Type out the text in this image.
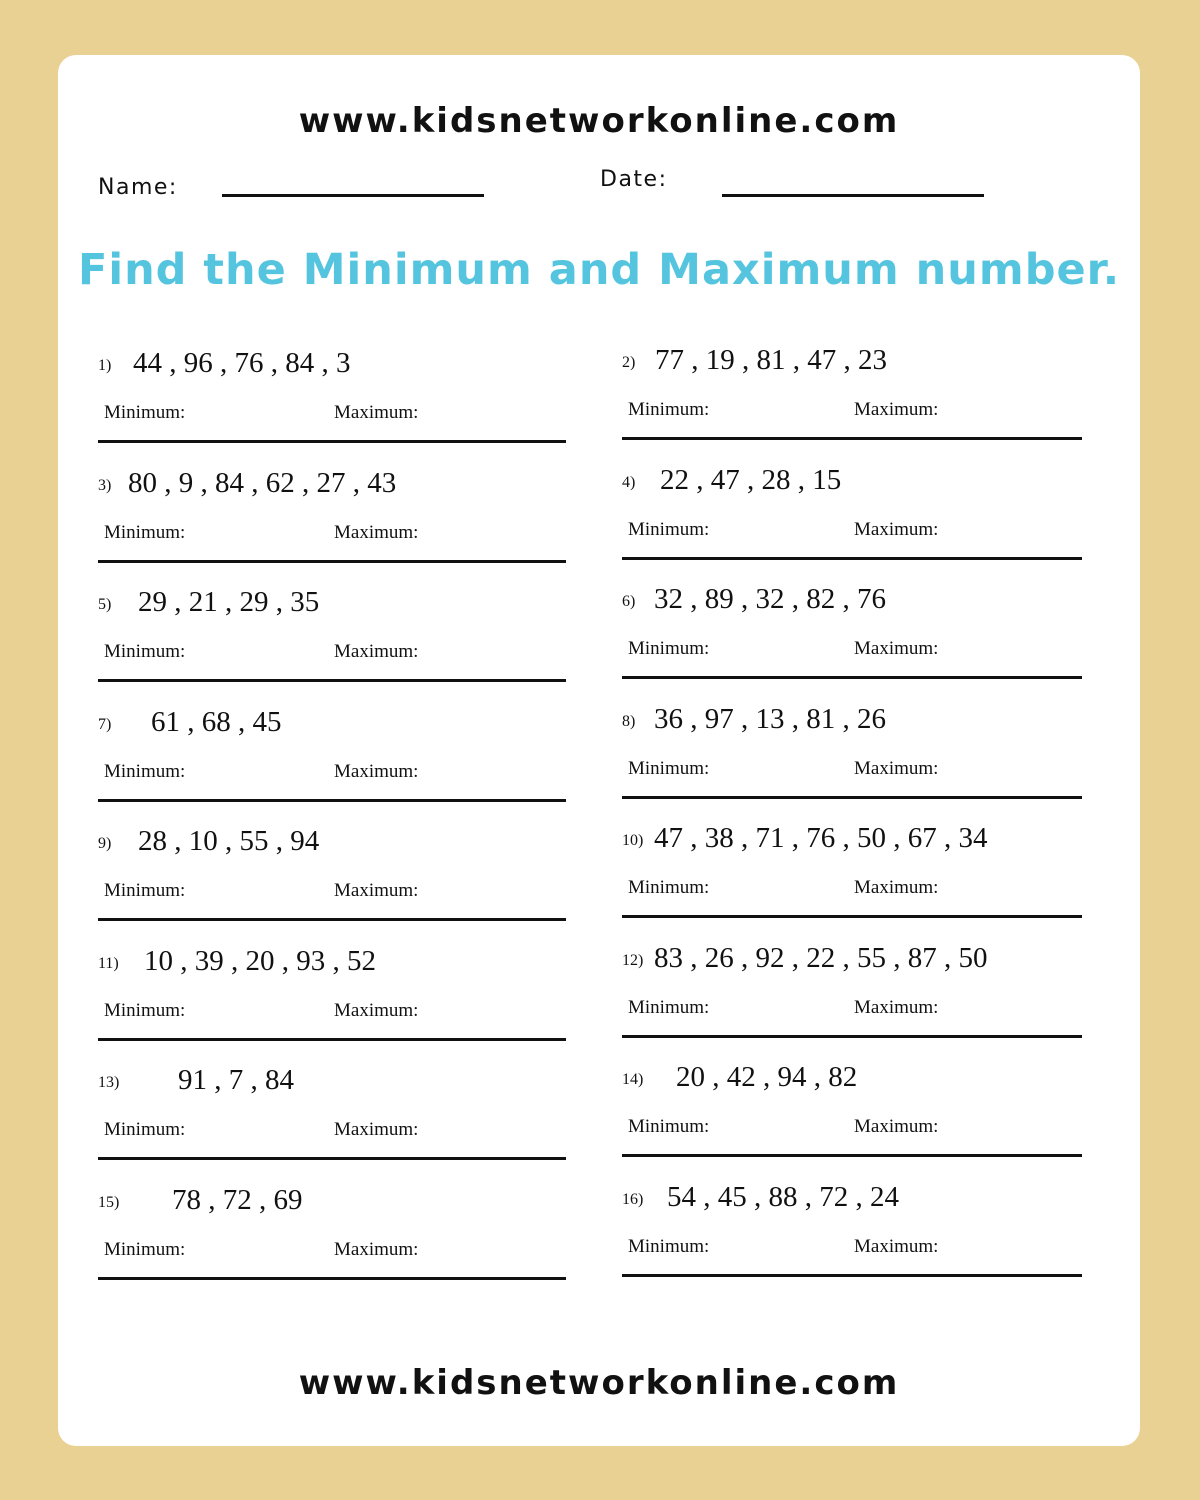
www.kidsnetworkonline.com
Name:	Date:
Find the Minimum and Maximum number.
1) 44 , 96 , 76 , 84 , 3
Minimum:	Maximum:
2) 77 , 19 , 81 , 47 , 23
Minimum:	Maximum:
3) 80 , 9 , 84 , 62 , 27 , 43
Minimum:	Maximum:
4) 22 , 47 , 28 , 15
Minimum:	Maximum:
5) 29 , 21 , 29 , 35
Minimum:	Maximum:
6) 32 , 89 , 32 , 82 , 76
Minimum:	Maximum:
7) 61 , 68 , 45
Minimum:	Maximum:
8) 36 , 97 , 13 , 81 , 26
Minimum:	Maximum:
9) 28 , 10 , 55 , 94
Minimum:	Maximum:
10) 47 , 38 , 71 , 76 , 50 , 67 , 34
Minimum:	Maximum:
11) 10 , 39 , 20 , 93 , 52
Minimum:	Maximum:
12) 83 , 26 , 92 , 22 , 55 , 87 , 50
Minimum:	Maximum:
13) 91 , 7 , 84
Minimum:	Maximum:
14) 20 , 42 , 94 , 82
Minimum:	Maximum:
15) 78 , 72 , 69
Minimum:	Maximum:
16) 54 , 45 , 88 , 72 , 24
Minimum:	Maximum:
www.kidsnetworkonline.com
